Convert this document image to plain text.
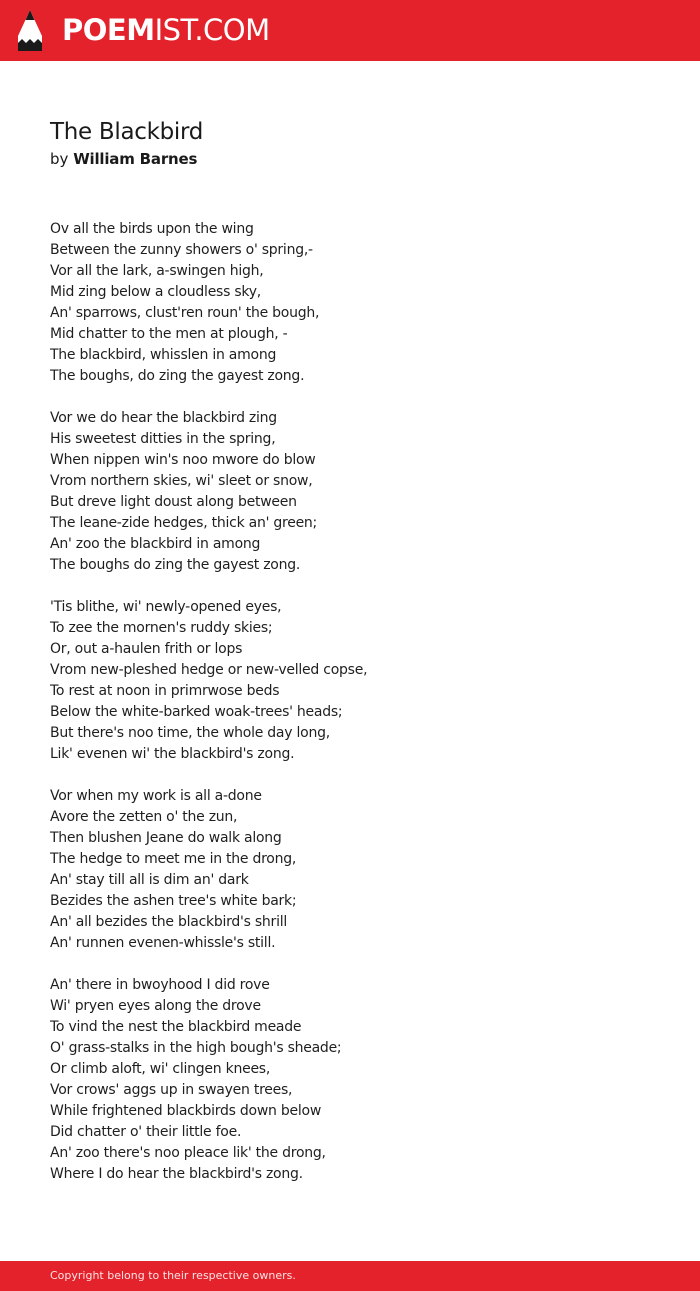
POEMIST.COM
The Blackbird
by William Barnes
Ov all the birds upon the wing
Between the zunny showers o' spring,-
Vor all the lark, a-swingen high,
Mid zing below a cloudless sky,
An' sparrows, clust'ren roun' the bough,
Mid chatter to the men at plough, -
The blackbird, whisslen in among
The boughs, do zing the gayest zong.
Vor we do hear the blackbird zing
His sweetest ditties in the spring,
When nippen win's noo mwore do blow
Vrom northern skies, wi' sleet or snow,
But dreve light doust along between
The leane-zide hedges, thick an' green;
An' zoo the blackbird in among
The boughs do zing the gayest zong.
'Tis blithe, wi' newly-opened eyes,
To zee the mornen's ruddy skies;
Or, out a-haulen frith or lops
Vrom new-pleshed hedge or new-velled copse,
To rest at noon in primrwose beds
Below the white-barked woak-trees' heads;
But there's noo time, the whole day long,
Lik' evenen wi' the blackbird's zong.
Vor when my work is all a-done
Avore the zetten o' the zun,
Then blushen Jeane do walk along
The hedge to meet me in the drong,
An' stay till all is dim an' dark
Bezides the ashen tree's white bark;
An' all bezides the blackbird's shrill
An' runnen evenen-whissle's still.
An' there in bwoyhood I did rove
Wi' pryen eyes along the drove
To vind the nest the blackbird meade
O' grass-stalks in the high bough's sheade;
Or climb aloft, wi' clingen knees,
Vor crows' aggs up in swayen trees,
While frightened blackbirds down below
Did chatter o' their little foe.
An' zoo there's noo pleace lik' the drong,
Where I do hear the blackbird's zong.
Copyright belong to their respective owners.
